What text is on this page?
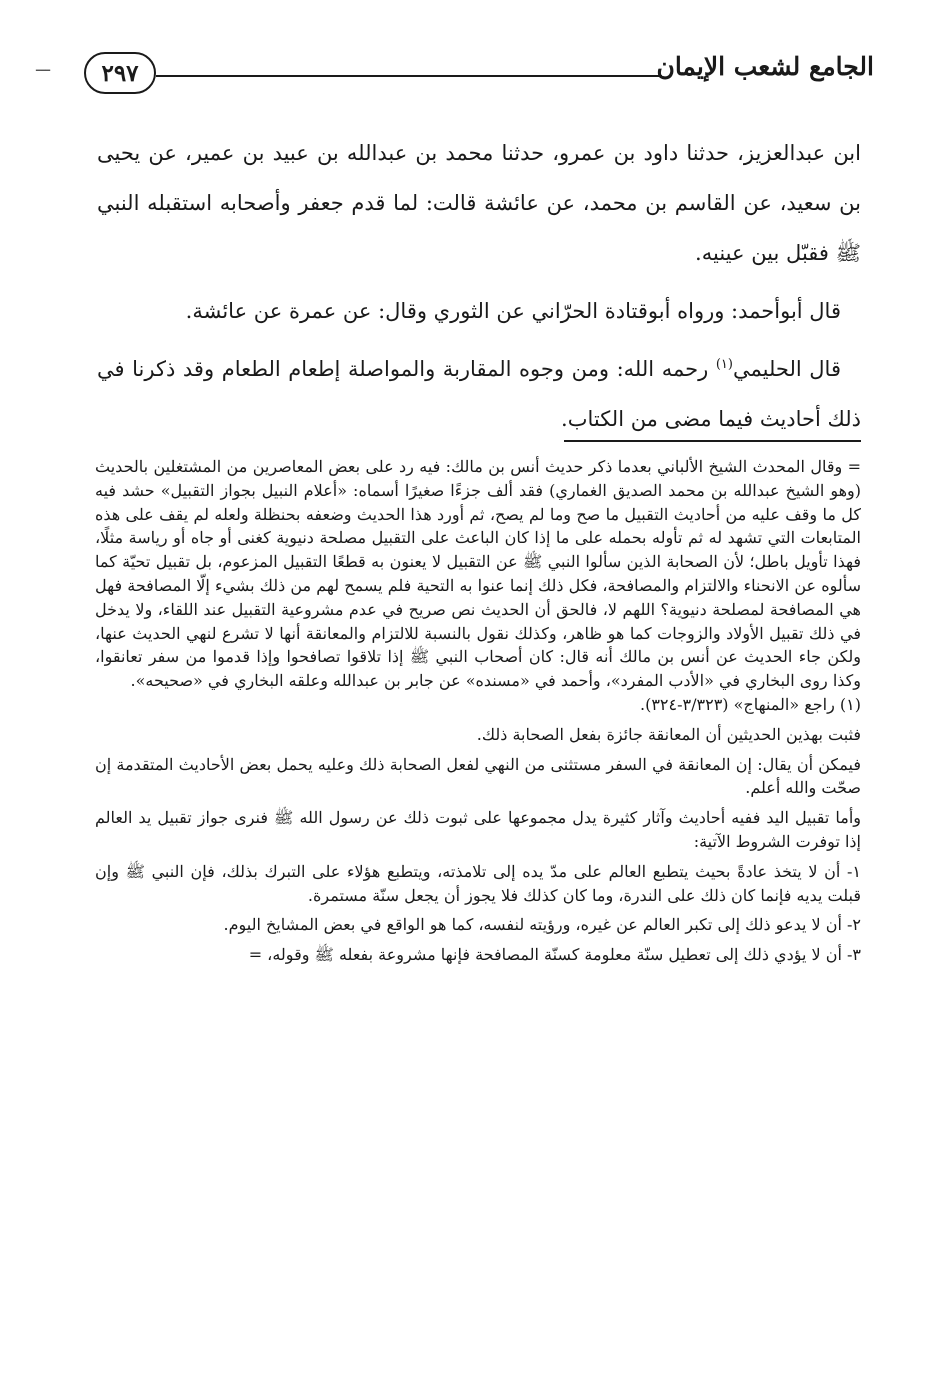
ـــ	الجامع لشعب الإيمان
٢٩٧

ابن عبدالعزيز، حدثنا داود بن عمرو، حدثنا محمد بن عبدالله بن عبيد بن عمير، عن يحيى بن سعيد، عن القاسم بن محمد، عن عائشة قالت: لما قدم جعفر وأصحابه استقبله النبي ﷺ فقبّل بين عينيه.

قال أبوأحمد: ورواه أبوقتادة الحرّاني عن الثوري وقال: عن عمرة عن عائشة.

قال الحليمي$^{(١)}$ رحمه الله: ومن وجوه المقاربة والمواصلة إطعام الطعام وقد ذكرنا في ذلك أحاديث فيما مضى من الكتاب.

= وقال المحدث الشيخ الألباني بعدما ذكر حديث أنس بن مالك: فيه رد على بعض المعاصرين من المشتغلين بالحديث (وهو الشيخ عبدالله بن محمد الصديق الغماري) فقد ألف جزءًا صغيرًا أسماه: «أعلام النبيل بجواز التقبيل» حشد فيه كل ما وقف عليه من أحاديث التقبيل ما صح وما لم يصح، ثم أورد هذا الحديث وضعفه بحنظلة ولعله لم يقف على هذه المتابعات التي تشهد له ثم تأوله بحمله على ما إذا كان الباعث على التقبيل مصلحة دنيوية كغنى أو جاه أو رياسة مثلًا، فهذا تأويل باطل؛ لأن الصحابة الذين سألوا النبي ﷺ عن التقبيل لا يعنون به قطعًا التقبيل المزعوم، بل تقبيل تحيّة كما سألوه عن الانحناء والالتزام والمصافحة، فكل ذلك إنما عنوا به التحية فلم يسمح لهم من ذلك بشيء إلّا المصافحة فهل هي المصافحة لمصلحة دنيوية؟ اللهم لا، فالحق أن الحديث نص صريح في عدم مشروعية التقبيل عند اللقاء، ولا يدخل في ذلك تقبيل الأولاد والزوجات كما هو ظاهر، وكذلك نقول بالنسبة للالتزام والمعانقة أنها لا تشرع لنهي الحديث عنها، ولكن جاء الحديث عن أنس بن مالك أنه قال: كان أصحاب النبي ﷺ إذا تلاقوا تصافحوا وإذا قدموا من سفر تعانقوا، وكذا روى البخاري في «الأدب المفرد»، وأحمد في «مسنده» عن جابر بن عبدالله وعلقه البخاري في «صحيحه».

(١) راجع «المنهاج» (٣/٣٢٣-٣٢٤).

فثبت بهذين الحديثين أن المعانقة جائزة بفعل الصحابة ذلك.

فيمكن أن يقال: إن المعانقة في السفر مستثنى من النهي لفعل الصحابة ذلك وعليه يحمل بعض الأحاديث المتقدمة إن صحّت والله أعلم.

وأما تقبيل اليد ففيه أحاديث وآثار كثيرة يدل مجموعها على ثبوت ذلك عن رسول الله ﷺ فنرى جواز تقبيل يد العالم إذا توفرت الشروط الآتية:

١- أن لا يتخذ عادةً بحيث يتطبع العالم على مدّ يده إلى تلامذته، ويتطبع هؤلاء على التبرك بذلك، فإن النبي ﷺ وإن قبلت يديه فإنما كان ذلك على الندرة، وما كان كذلك فلا يجوز أن يجعل سنّة مستمرة.

٢- أن لا يدعو ذلك إلى تكبر العالم عن غيره، ورؤيته لنفسه، كما هو الواقع في بعض المشايخ اليوم.

٣- أن لا يؤدي ذلك إلى تعطيل سنّة معلومة كسنّة المصافحة فإنها مشروعة بفعله ﷺ وقوله، =
